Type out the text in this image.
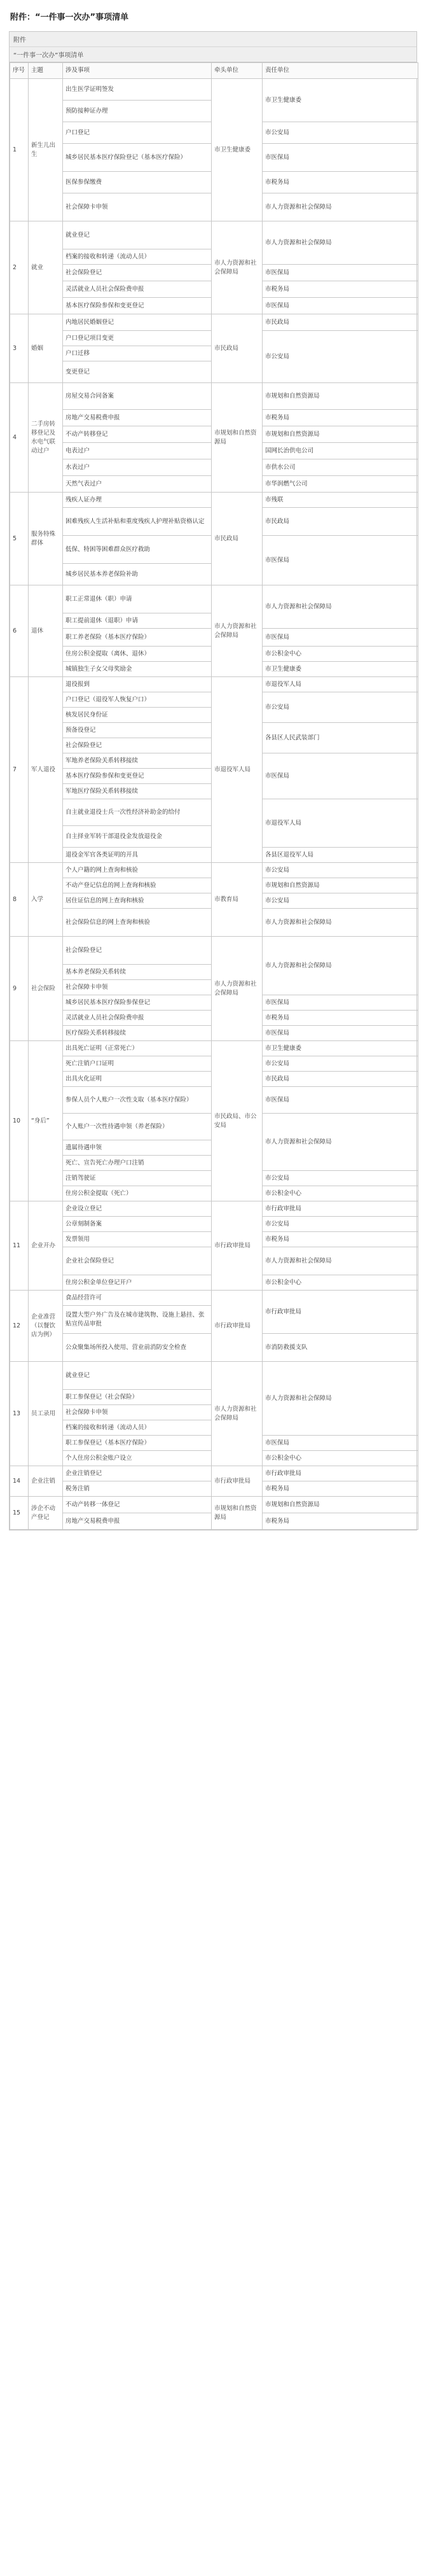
附件：“一件事一次办”事项清单
附件
“一件事一次办”事项清单
序号	主题	涉及事项	牵头单位	责任单位
1	新生儿出生	出生医学证明签发	市卫生健康委	市卫生健康委
		预防接种证办理		
		户口登记		市公安局
		城乡居民基本医疗保险登记（基本医疗保险）		市医保局
		医保参保缴费		市税务局
		社会保障卡申领		市人力资源和社会保障局
2	就业	就业登记	市人力资源和社会保障局	市人力资源和社会保障局
		档案的接收和转递（流动人员）		
		社会保险登记		市医保局
		灵活就业人员社会保险费申报		市税务局
		基本医疗保险参保和变更登记		市医保局
3	婚姻	内地居民婚姻登记	市民政局	市民政局
		户口登记项目变更		市公安局
		户口迁移		
		变更登记		
4	二手房转移登记及水电气联动过户	房屋交易合同备案	市规划和自然资源局	市规划和自然资源局
		房地产交易税费申报		市税务局
		不动产转移登记		市规划和自然资源局
		电表过户		国网长治供电公司
		水表过户		市供水公司
		天然气表过户		市华润燃气公司
5	服务特殊群体	残疾人证办理	市民政局	市残联
		困难残疾人生活补贴和重度残疾人护理补贴资格认定		市民政局
		低保、特困等困难群众医疗救助		市医保局
		城乡居民基本养老保险补助		
6	退休	职工正常退休（职）申请	市人力资源和社会保障局	市人力资源和社会保障局
		职工提前退休（退职）申请		
		职工养老保险（基本医疗保险）		市医保局
		住房公积金提取（离休、退休）		市公积金中心
		城镇独生子女父母奖励金		市卫生健康委
7	军人退役	退役报到	市退役军人局	市退役军人局
		户口登记（退役军人恢复户口）		市公安局
		核发居民身份证		
		预备役登记		各县区人民武装部门
		社会保险登记		
		军地养老保险关系转移接续		市医保局
		基本医疗保险参保和变更登记		
		军地医疗保险关系转移接续		
		自主就业退役士兵一次性经济补助金的给付		市退役军人局
		自主择业军转干部退役金发放退役金		
		退役金军官各类证明的开具		各县区退役军人局
8	入学	个人户籍的网上查询和核验	市教育局	市公安局
		不动产登记信息的网上查询和核验		市规划和自然资源局
		居住证信息的网上查询和核验		市公安局
		社会保险信息的网上查询和核验		市人力资源和社会保障局
9	社会保险	社会保险登记	市人力资源和社会保障局	市人力资源和社会保障局
		基本养老保险关系转续		
		社会保障卡申领		
		城乡居民基本医疗保险参保登记		市医保局
		灵活就业人员社会保险费申报		市税务局
		医疗保险关系转移接续		市医保局
10	“身后”	出具死亡证明（正常死亡）	市民政局、市公安局	市卫生健康委
		死亡注销户口证明		市公安局
		出具火化证明		市民政局
		参保人员个人账户一次性支取（基本医疗保险）		市医保局
		个人账户一次性待遇申领（养老保险）		市人力资源和社会保障局
		遗属待遇申领		
		死亡、宣告死亡办理户口注销		
		注销驾驶证		市公安局
		住房公积金提取（死亡）		市公积金中心
11	企业开办	企业设立登记	市行政审批局	市行政审批局
		公章刻制备案		市公安局
		发票领用		市税务局
		企业社会保险登记		市人力资源和社会保障局
		住房公积金单位登记开户		市公积金中心
12	企业准营（以餐饮店为例）	食品经营许可	市行政审批局	市行政审批局
		设置大型户外广告及在城市建筑物、设施上悬挂、张贴宣传品审批		
		公众聚集场所投入使用、营业前消防安全检查		市消防救援支队
13	员工录用	就业登记	市人力资源和社会保障局	市人力资源和社会保障局
		职工参保登记（社会保险）		
		社会保障卡申领		
		档案的接收和转递（流动人员）		
		职工参保登记（基本医疗保险）		市医保局
		个人住房公积金账户设立		市公积金中心
14	企业注销	企业注销登记	市行政审批局	市行政审批局
		税务注销		市税务局
15	涉企不动产登记	不动产转移一体登记	市规划和自然资源局	市规划和自然资源局
		房地产交易税费申报		市税务局
